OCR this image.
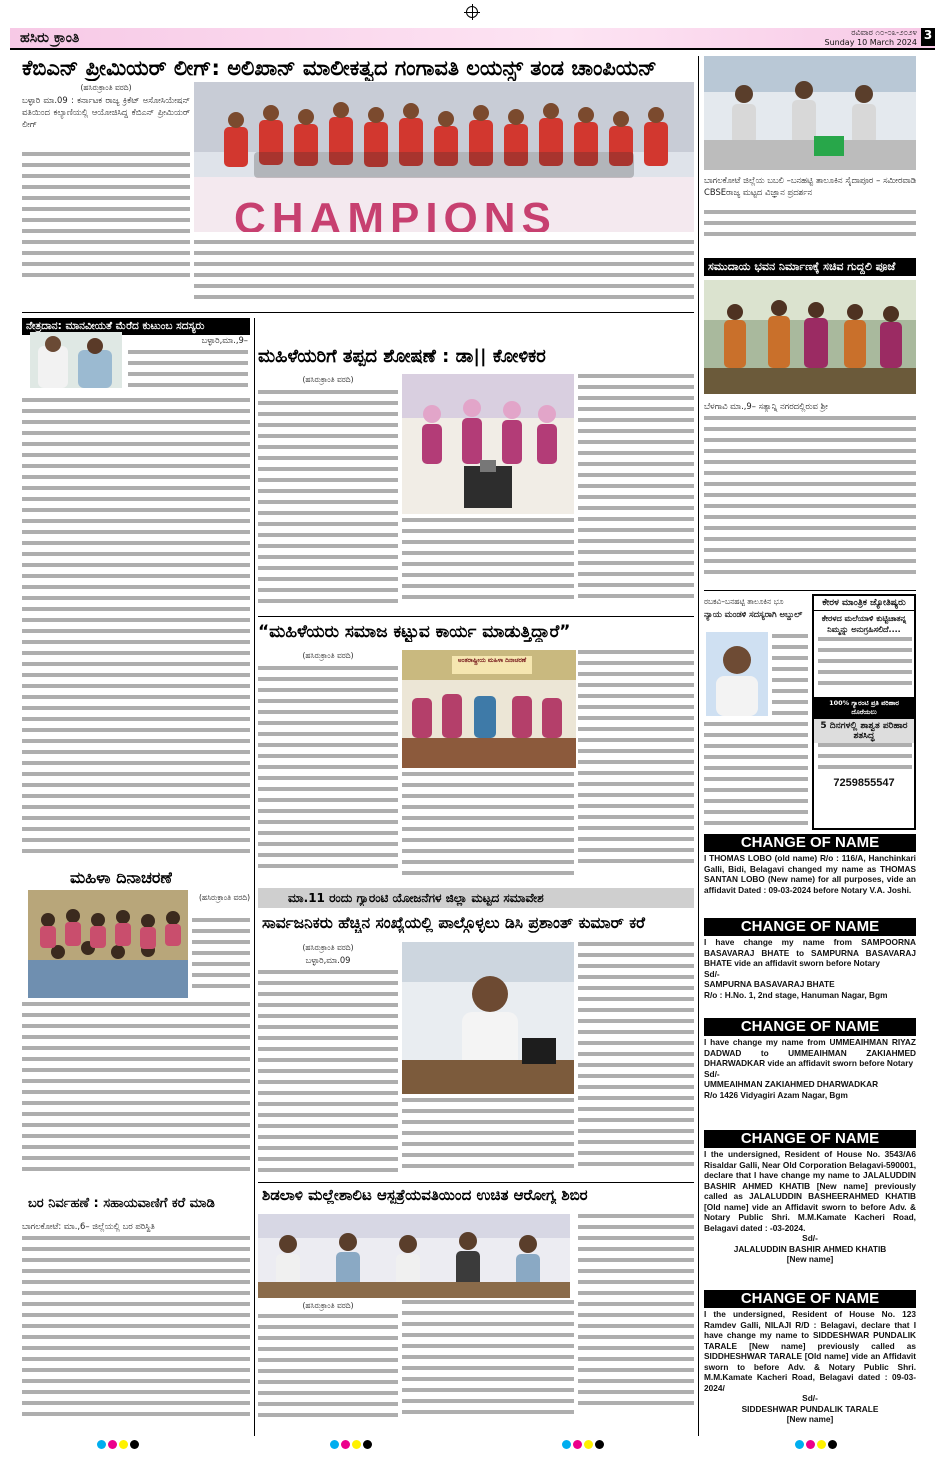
ಹಸಿರು ಕ್ರಾಂತಿ	ರವಿವಾರ ೧೦-೦೩-೨೦೨೪
Sunday 10 March 2024
3
ಕೆಬಿಎನ್ ಪ್ರೀಮಿಯರ್ ಲೀಗ್: ಅಲಿಖಾನ್ ಮಾಲೀಕತ್ವದ ಗಂಗಾವತಿ ಲಯನ್ಸ್ ತಂಡ ಚಾಂಪಿಯನ್
(ಹಸಿರುಕ್ರಾಂತಿ ವರದಿ)
ಬಳ್ಳಾರಿ ಮಾ.09 : ಕರ್ನಾಟಕ ರಾಜ್ಯ ಕ್ರಿಕೆಟ್ ಅಸೋಸಿಯೇಷನ್ ವತಿಯಿಂದ ಕಲ್ಯಾಣಿಯಲ್ಲಿ ಆಯೋಜಿಸಿದ್ದ ಕೆಬಿಎನ್ ಪ್ರೀಮಿಯರ್ ಲೀಗ್
CHAMPIONS
ನೇತ್ರದಾನ: ಮಾನವೀಯತೆ ಮೆರೆದ ಕುಟುಂಬ ಸದಸ್ಯರು
ಬಳ್ಳಾರಿ,ಮಾ.,9–
ಮಹಿಳಾ ದಿನಾಚರಣೆ
(ಹಸಿರುಕ್ರಾಂತಿ ವರದಿ)
ಬರ ನಿರ್ವಹಣೆ : ಸಹಾಯವಾಣಿಗೆ ಕರೆ ಮಾಡಿ
ಬಾಗಲಕೋಟೆ: ಮಾ.,6– ಜಿಲ್ಲೆಯಲ್ಲಿ ಬರ ಪರಿಸ್ಥಿತಿ
ಮಹಿಳೆಯರಿಗೆ ತಪ್ಪದ ಶೋಷಣೆ : ಡಾ|| ಕೋಳಿಕರ
(ಹಸಿರುಕ್ರಾಂತಿ ವರದಿ)
“ಮಹಿಳೆಯರು ಸಮಾಜ ಕಟ್ಟುವ ಕಾರ್ಯ ಮಾಡುತ್ತಿದ್ದಾರೆ”
(ಹಸಿರುಕ್ರಾಂತಿ ವರದಿ)
ಅಂತರಾಷ್ಟ್ರೀಯ ಮಹಿಳಾ ದಿನಾಚರಣೆ
ಮಾ.11 ರಂದು ಗ್ಯಾರಂಟಿ ಯೋಜನೆಗಳ ಜಿಲ್ಲಾ ಮಟ್ಟದ ಸಮಾವೇಶ
ಸಾರ್ವಜನಿಕರು ಹೆಚ್ಚಿನ ಸಂಖ್ಯೆಯಲ್ಲಿ ಪಾಲ್ಗೊಳ್ಳಲು ಡಿಸಿ ಪ್ರಶಾಂತ್ ಕುಮಾರ್ ಕರೆ
(ಹಸಿರುಕ್ರಾಂತಿ ವರದಿ)
ಬಳ್ಳಾರಿ,ಮಾ.09
ಶಿಡಲಾಳಿ ಮಲ್ಲೇಶಾಲಿಟ ಆಸ್ಪತ್ರೆಯವತಿಯಿಂದ ಉಚಿತ ಆರೋಗ್ಯ ಶಿಬಿರ
(ಹಸಿರುಕ್ರಾಂತಿ ವರದಿ)
ಬಾಗಲಕೋಟೆ ಜಿಲ್ಲೆಯ ಬಬಲಿ –ಬನಹಟ್ಟಿ ತಾಲೂಕಿನ ಸೈದಾಪೂರ – ಸಮೀರವಾಡಿ CBSEರಾಜ್ಯ ಮಟ್ಟದ ವಿಜ್ಞಾನ ಪ್ರದರ್ಶನ
ಸಮುದಾಯ ಭವನ ನಿರ್ಮಾಣಕ್ಕೆ ಸಚಿವ ಗುದ್ದಲಿ ಪೂಜೆ
ಬೆಳಗಾವಿ ಮಾ.,9– ಸತ್ಯಾನ್ನಿ ನಗರದಲ್ಲಿರುವ ಶ್ರೀ
ರಬಕವಿ–ಬನಹಟ್ಟಿ ತಾಲೂಕಿನ ಭೂ
ನ್ಯಾಯ ಮಂಡಳಿ ಸದಸ್ಯರಾಗಿ ಅಬ್ದುಲ್
ಕೇರಳ ಮಾಂತ್ರಿಕ ಜ್ಯೋತಿಷ್ಯರು
ಕೇರಳದ ಮಲೆಯಾಳಿ ಕುಟ್ಟಿಚಾತನ್ನ ನಿಮ್ಮನ್ನು ಅನುಗ್ರಹಿಸಲಿದೆ....
100% ಗ್ಯಾರಂಟಿ ಪ್ರತಿ ಪರಿಹಾರ ದೊರೆಯಲು
5 ದಿನಗಳಲ್ಲಿ ಶಾಶ್ವತ ಪರಿಹಾರ ಶತಸಿದ್ಧ
7259855547
CHANGE OF NAME
I THOMAS LOBO (old name) R/o : 116/A, Hanchinkari Galli, Bidi, Belagavi changed my name as THOMAS SANTAN LOBO (New name) for all purposes, vide an affidavit Dated : 09-03-2024 before Notary V.A. Joshi.
CHANGE OF NAME
I have change my name from SAMPOORNA BASAVARAJ BHATE to SAMPURNA BASAVARAJ BHATE vide an affidavit sworn before Notary
Sd/-
SAMPURNA BASAVARAJ BHATE
R/o : H.No. 1, 2nd stage, Hanuman Nagar, Bgm
CHANGE OF NAME
I have change my name from UMMEAIHMAN RIYAZ DADWAD to UMMEAIHMAN ZAKIAHMED DHARWADKAR vide an affidavit sworn before Notary
Sd/-
UMMEAIHMAN ZAKIAHMED DHARWADKAR
R/o 1426 Vidyagiri Azam Nagar, Bgm
CHANGE OF NAME
I the undersigned, Resident of House No. 3543/A6 Risaldar Galli, Near Old Corporation Belagavi-590001, declare that I have change my name to JALALUDDIN BASHIR AHMED KHATIB [New name] previously called as JALALUDDIN BASHEERAHMED KHATIB [Old name] vide an Affidavit sworn to before Adv. & Notary Public Shri. M.M.Kamate Kacheri Road, Belagavi dated : -03-2024.
Sd/-
JALALUDDIN BASHIR AHMED KHATIB
[New name]
CHANGE OF NAME
I the undersigned, Resident of House No. 123 Ramdev Galli, NILAJI R/D : Belagavi, declare that I have change my name to SIDDESHWAR PUNDALIK TARALE [New name] previously called as SIDDHESHWAR TARALE [Old name] vide an Affidavit sworn to before Adv. & Notary Public Shri. M.M.Kamate Kacheri Road, Belagavi dated : 09-03-2024/
Sd/-
SIDDESHWAR PUNDALIK TARALE
[New name]
